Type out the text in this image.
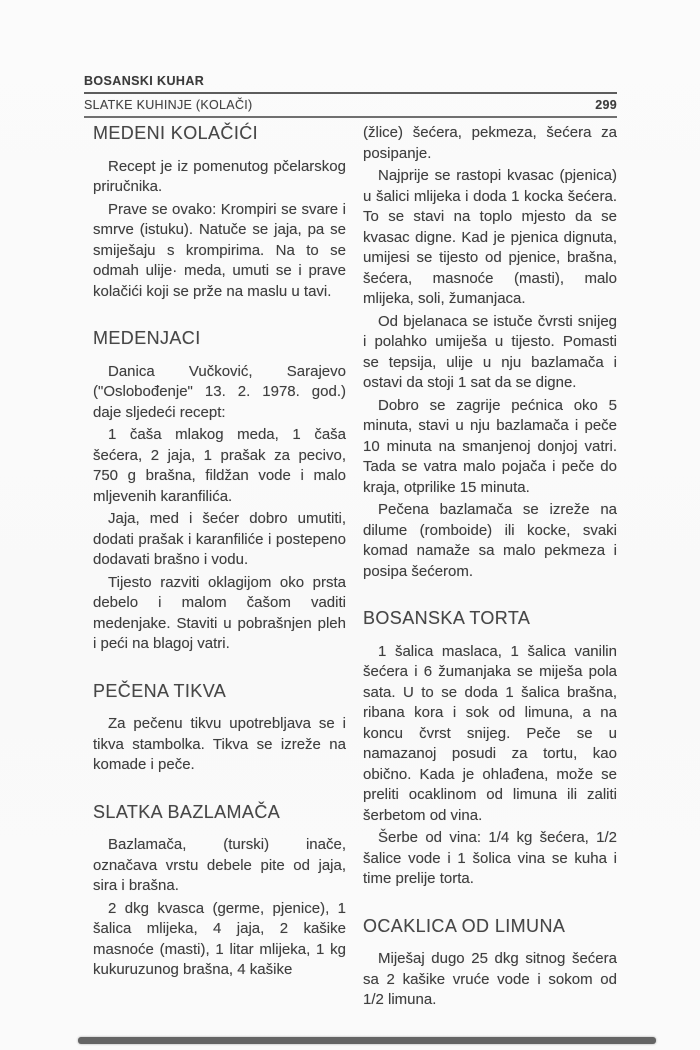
BOSANSKI KUHAR
SLATKE KUHINJE (KOLAČI)	299
MEDENI KOLAČIĆI

Recept je iz pomenutog pčelarskog priručnika.

Prave se ovako: Krompiri se svare i smrve (istuku). Natuče se jaja, pa se smiješaju s krompirima. Na to se odmah ulije· meda, umuti se i prave kolačići koji se prže na maslu u tavi.

MEDENJACI

Danica Vučković, Sarajevo ("Oslobođenje" 13. 2. 1978. god.) daje sljedeći recept:

1 čaša mlakog meda, 1 čaša šećera, 2 jaja, 1 prašak za pecivo, 750 g brašna, fildžan vode i malo mljevenih karanfilića.

Jaja, med i šećer dobro umutiti, dodati prašak i karanfiliće i postepeno dodavati brašno i vodu.

Tijesto razviti oklagijom oko prsta debelo i malom čašom vaditi medenjake. Staviti u pobrašnjen pleh i peći na blagoj vatri.

PEČENA TIKVA

Za pečenu tikvu upotrebljava se i tikva stambolka. Tikva se izreže na komade i peče.

SLATKA BAZLAMAČA

Bazlamača, (turski) inače, označava vrstu debele pite od jaja, sira i brašna.

2 dkg kvasca (germe, pjenice), 1 šalica mlijeka, 4 jaja, 2 kašike masnoće (masti), 1 litar mlijeka, 1 kg kukuruzunog brašna, 4 kašike

(žlice) šećera, pekmeza, šećera za posipanje.

Najprije se rastopi kvasac (pjenica) u šalici mlijeka i doda 1 kocka šećera. To se stavi na toplo mjesto da se kvasac digne. Kad je pjenica dignuta, umijesi se tijesto od pjenice, brašna, šećera, masnoće (masti), malo mlijeka, soli, žumanjaca.

Od bjelanaca se istuče čvrsti snijeg i polahko umiješa u tijesto. Pomasti se tepsija, ulije u nju bazlamača i ostavi da stoji 1 sat da se digne.

Dobro se zagrije pećnica oko 5 minuta, stavi u nju bazlamača i peče 10 minuta na smanjenoj donjoj vatri. Tada se vatra malo pojača i peče do kraja, otprilike 15 minuta.

Pečena bazlamača se izreže na dilume (romboide) ili kocke, svaki komad namaže sa malo pekmeza i posipa šećerom.

BOSANSKA TORTA

1 šalica maslaca, 1 šalica vanilin šećera i 6 žumanjaka se miješa pola sata. U to se doda 1 šalica brašna, ribana kora i sok od limuna, a na koncu čvrst snijeg. Peče se u namazanoj posudi za tortu, kao obično. Kada je ohlađena, može se preliti ocaklinom od limuna ili zaliti šerbetom od vina.

Šerbe od vina: 1/4 kg šećera, 1/2 šalice vode i 1 šolica vina se kuha i time prelije torta.

OCAKLICA OD LIMUNA

Miješaj dugo 25 dkg sitnog šećera sa 2 kašike vruće vode i sokom od 1/2 limuna.
